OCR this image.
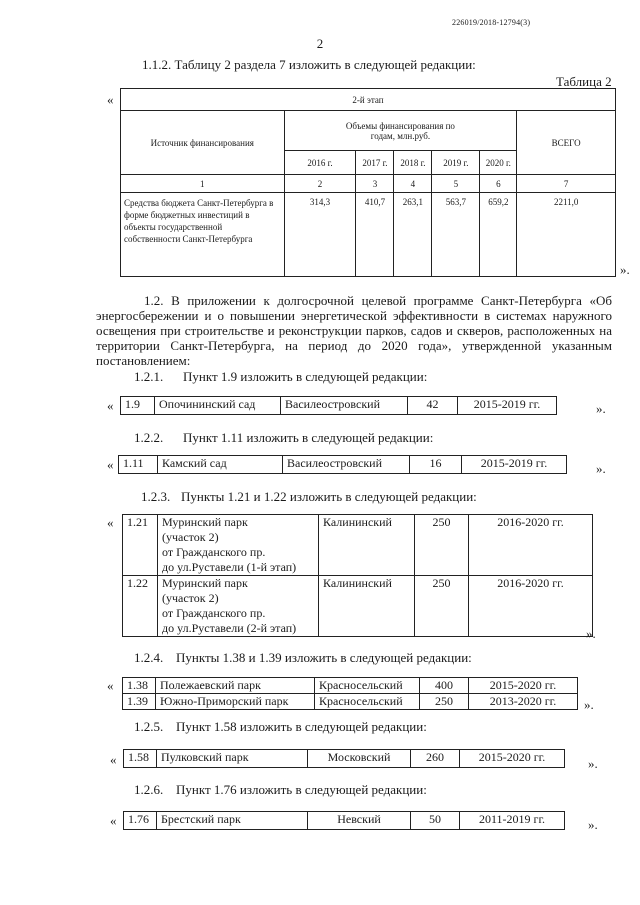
226019/2018-12794(3)
2
1.1.2. Таблицу 2 раздела 7 изложить в следующей редакции:
Таблица 2
«
».
2-й этап						
Источник финансирования	Объемы финансирования по годам, млн.руб.					ВСЕГО
	2016 г.	2017 г.	2018 г.	2019 г.	2020 г.	
1	2	3	4	5	6	7
Средства бюджета Санкт-Петербурга в форме бюджетных инвестиций в объекты государственной собственности Санкт-Петербурга	314,3	410,7	263,1	563,7	659,2	2211,0
1.2. В приложении к долгосрочной целевой программе Санкт-Петербурга «Об энергосбережении и о повышении энергетической эффективности в системах наружного освещения при строительстве и реконструкции парков, садов и скверов, расположенных на территории Санкт-Петербурга, на период до 2020 года», утвержденной указанным постановлением:
1.2.1. Пункт 1.9 изложить в следующей редакции:
« 1.9	Опочининский сад	Василеостровский	42	2015-2019 гг.	».
1.2.2. Пункт 1.11 изложить в следующей редакции:
« 1.11	Камский сад	Василеостровский	16	2015-2019 гг.	».
1.2.3. Пункты 1.21 и 1.22 изложить в следующей редакции:
« 1.21	Муринский парк
(участок 2)
от Гражданского пр.
до ул.Руставели (1-й этап)	Калининский	250	2016-2020 гг.
1.22	Муринский парк
(участок 2)
от Гражданского пр.
до ул.Руставели (2-й этап)	Калининский	250	2016-2020 гг.
».
1.2.4. Пункты 1.38 и 1.39 изложить в следующей редакции:
« 1.38	Полежаевский парк	Красносельский	400	2015-2020 гг.
1.39	Южно-Приморский парк	Красносельский	250	2013-2020 гг. ».
1.2.5. Пункт 1.58 изложить в следующей редакции:
« 1.58	Пулковский парк	Московский	260	2015-2020 гг.	».
1.2.6. Пункт 1.76 изложить в следующей редакции:
« 1.76	Брестский парк	Невский	50	2011-2019 гг.	».
